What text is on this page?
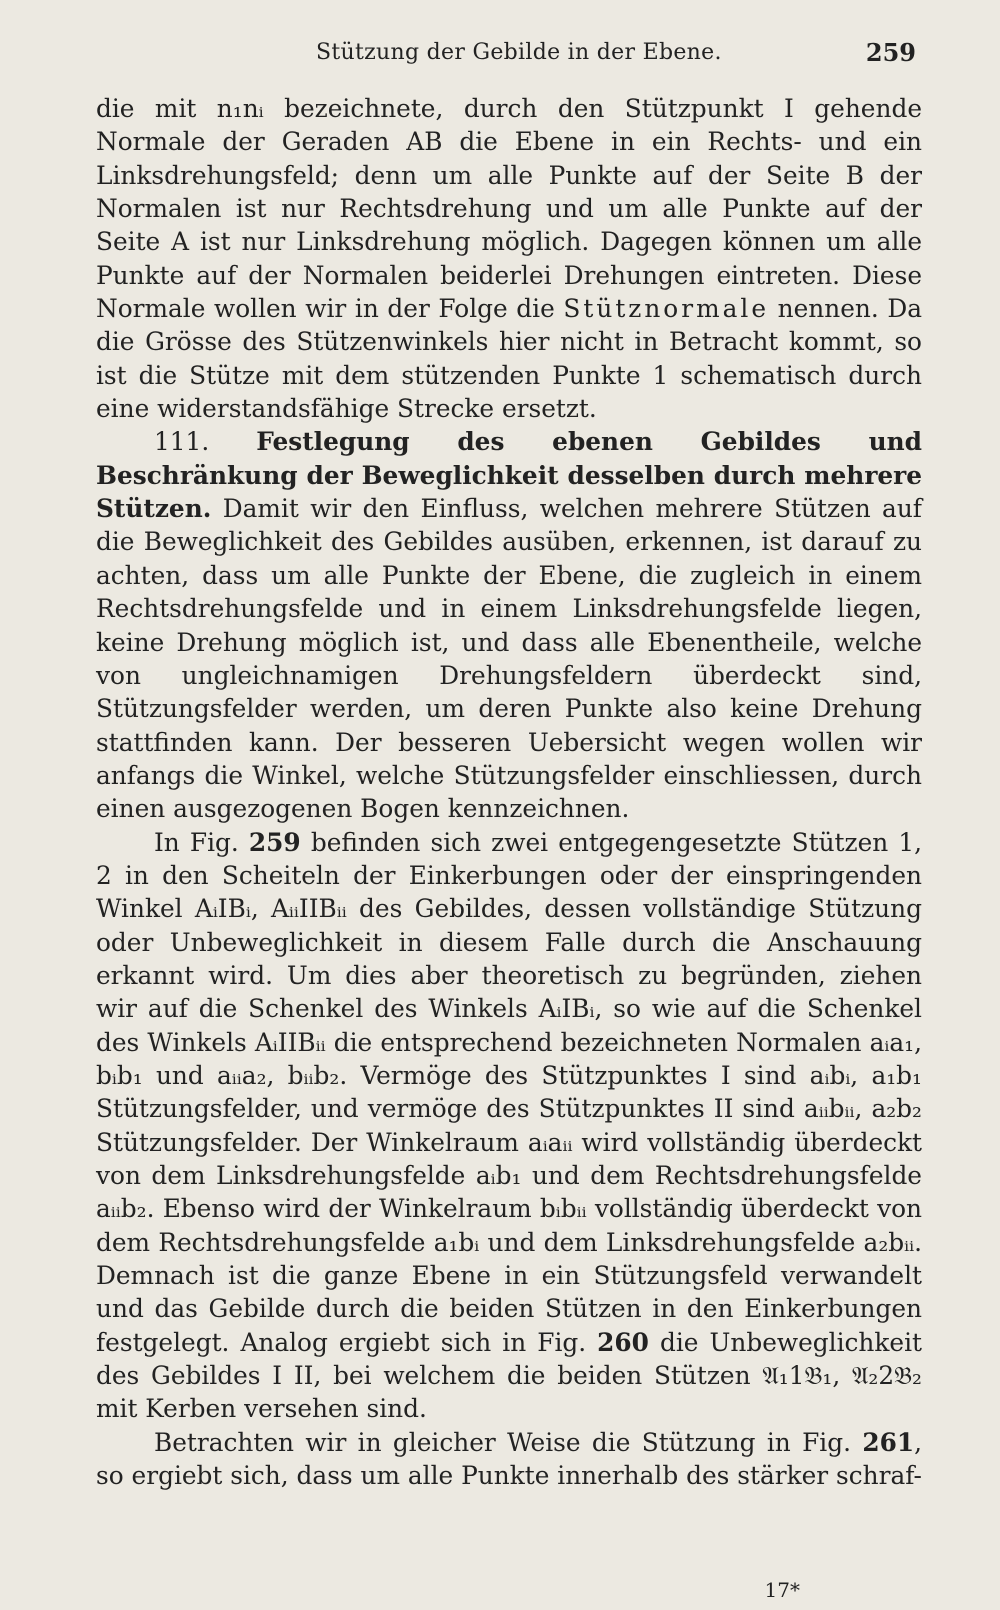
Stützung der Gebilde in der Ebene.	259

die mit n₁nᵢ bezeichnete, durch den Stützpunkt I gehende Normale der Geraden AB die Ebene in ein Rechts- und ein Linksdrehungsfeld; denn um alle Punkte auf der Seite B der Normalen ist nur Rechtsdrehung und um alle Punkte auf der Seite A ist nur Linksdrehung möglich. Dagegen können um alle Punkte auf der Normalen beiderlei Drehungen eintreten. Diese Normale wollen wir in der Folge die Stütznormale nennen. Da die Grösse des Stützenwinkels hier nicht in Betracht kommt, so ist die Stütze mit dem stützenden Punkte 1 schematisch durch eine widerstandsfähige Strecke ersetzt.

111. Festlegung des ebenen Gebildes und Beschränkung der Beweglichkeit desselben durch mehrere Stützen. Damit wir den Einfluss, welchen mehrere Stützen auf die Beweglichkeit des Gebildes ausüben, erkennen, ist darauf zu achten, dass um alle Punkte der Ebene, die zugleich in einem Rechtsdrehungsfelde und in einem Linksdrehungsfelde liegen, keine Drehung möglich ist, und dass alle Ebenentheile, welche von ungleichnamigen Drehungsfeldern überdeckt sind, Stützungsfelder werden, um deren Punkte also keine Drehung stattfinden kann. Der besseren Uebersicht wegen wollen wir anfangs die Winkel, welche Stützungsfelder einschliessen, durch einen ausgezogenen Bogen kennzeichnen.

In Fig. 259 befinden sich zwei entgegengesetzte Stützen 1, 2 in den Scheiteln der Einkerbungen oder der einspringenden Winkel AᵢIBᵢ, AᵢᵢIIBᵢᵢ des Gebildes, dessen vollständige Stützung oder Unbeweglichkeit in diesem Falle durch die Anschauung erkannt wird. Um dies aber theoretisch zu begründen, ziehen wir auf die Schenkel des Winkels AᵢIBᵢ, so wie auf die Schenkel des Winkels AᵢIIBᵢᵢ die entsprechend bezeichneten Normalen aᵢa₁, bᵢb₁ und aᵢᵢa₂, bᵢᵢb₂. Vermöge des Stützpunktes I sind aᵢbᵢ, a₁b₁ Stützungsfelder, und vermöge des Stützpunktes II sind aᵢᵢbᵢᵢ, a₂b₂ Stützungsfelder. Der Winkelraum aᵢaᵢᵢ wird vollständig überdeckt von dem Linksdrehungsfelde aᵢb₁ und dem Rechtsdrehungsfelde aᵢᵢb₂. Ebenso wird der Winkelraum bᵢbᵢᵢ vollständig überdeckt von dem Rechtsdrehungsfelde a₁bᵢ und dem Linksdrehungsfelde a₂bᵢᵢ. Demnach ist die ganze Ebene in ein Stützungsfeld verwandelt und das Gebilde durch die beiden Stützen in den Einkerbungen festgelegt. Analog ergiebt sich in Fig. 260 die Unbeweglichkeit des Gebildes I II, bei welchem die beiden Stützen 𝔄₁1𝔅₁, 𝔄₂2𝔅₂ mit Kerben versehen sind.

Betrachten wir in gleicher Weise die Stützung in Fig. 261, so ergiebt sich, dass um alle Punkte innerhalb des stärker schraf-

17*
